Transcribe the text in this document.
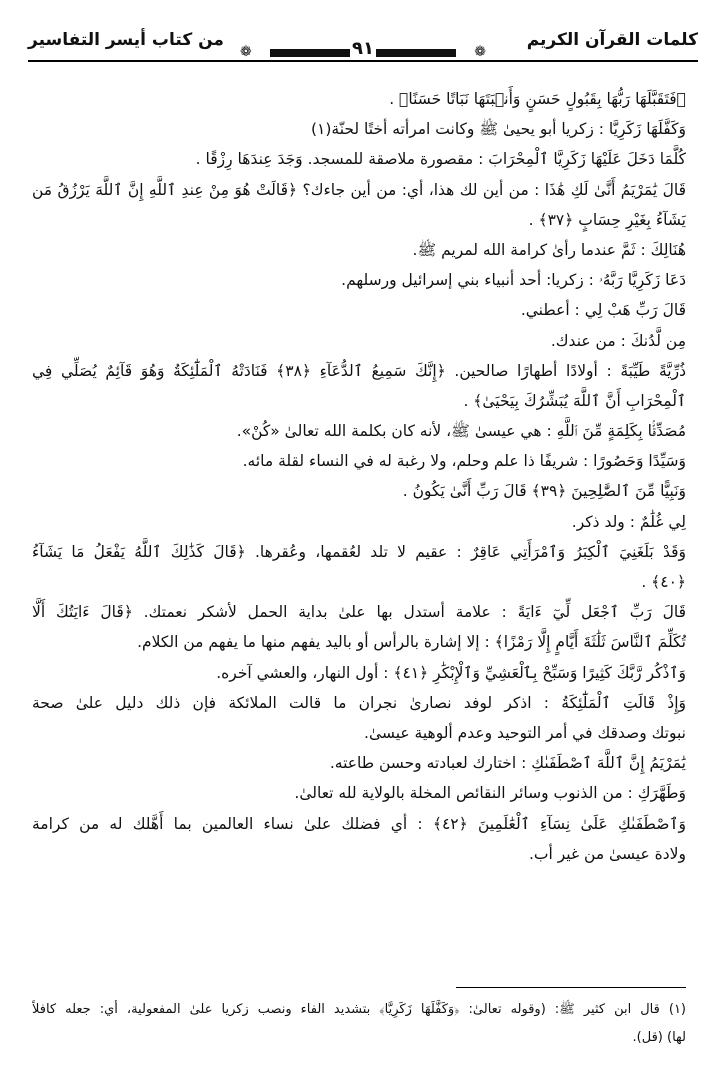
كلمات القرآن الكريم
من كتاب أيسر التفاسير
❁
❁	٩١
﴿فَتَقَبَّلَهَا رَبُّهَا بِقَبُولٍ حَسَنٍ وَأَنۢبَتَهَا نَبَاتًا حَسَنًا﴾ .
وَكَفَّلَهَا زَكَرِيَّا : زكريا أبو يحيىٰ ﷺ وكانت امرأته أختًا لحنّة(١)
كُلَّمَا دَخَلَ عَلَيْهَا زَكَرِيَّا ٱلْمِحْرَابَ : مقصورة ملاصقة للمسجد. وَجَدَ عِندَهَا رِزْقًا .
قَالَ يَٰمَرْيَمُ أَنَّىٰ لَكِ هَٰذَا : من أين لك هذا، أي: من أين جاءك؟ ﴿قَالَتْ هُوَ مِنْ عِندِ ٱللَّهِ إِنَّ ٱللَّهَ يَرْزُقُ مَن
يَشَآءُ بِغَيْرِ حِسَابٍ ﴿٣٧﴾ .
هُنَالِكَ : ثَمَّ عندما رأىٰ كرامة الله لمريم ﷺ.
دَعَا زَكَرِيَّا رَبَّهُۥ : زكريا: أحد أنبياء بني إسرائيل ورسلهم.
قَالَ رَبِّ هَبْ لِي : أعطني.
مِن لَّدُنكَ : من عندك.
ذُرِّيَّةً طَيِّبَةً : أولادًا أطهارًا صالحين. ﴿إِنَّكَ سَمِيعُ ٱلدُّعَآءِ ﴿٣٨﴾ فَنَادَتْهُ ٱلْمَلَٰٓئِكَةُ وَهُوَ قَآئِمٌ يُصَلِّي فِي
ٱلْمِحْرَابِ أَنَّ ٱللَّهَ يُبَشِّرُكَ بِيَحْيَىٰ﴾ .
مُصَدِّقًۢا بِكَلِمَةٍ مِّنَ ٱللَّهِ : هي عيسىٰ ﷺ، لأنه كان بكلمة الله تعالىٰ «كُنْ».
وَسَيِّدًا وَحَصُورًا : شريفًا ذا علم وحلم، ولا رغبة له في النساء لقلة مائه.
وَنَبِيًّا مِّنَ ٱلصَّٰلِحِينَ ﴿٣٩﴾ قَالَ رَبِّ أَنَّىٰ يَكُونُ .
لِي غُلَٰمٌ : ولد ذكر.
وَقَدْ بَلَغَنِيَ ٱلْكِبَرُ وَٱمْرَأَتِي عَاقِرٌ : عقيم لا تلد لعُقمها، وعُقرها. ﴿قَالَ كَذَٰلِكَ ٱللَّهُ يَفْعَلُ مَا يَشَآءُ
﴿٤٠﴾ .
قَالَ رَبِّ ٱجْعَل لِّيٓ ءَايَةً : علامة أستدل بها علىٰ بداية الحمل لأشكر نعمتك. ﴿قَالَ ءَايَتُكَ أَلَّا
تُكَلِّمَ ٱلنَّاسَ ثَلَٰثَةَ أَيَّامٍ إِلَّا رَمْزًا﴾ : إلا إشارة بالرأس أو باليد يفهم منها ما يفهم من الكلام.
وَٱذْكُر رَّبَّكَ كَثِيرًا وَسَبِّحْ بِٱلْعَشِيِّ وَٱلْإِبْكَٰرِ ﴿٤١﴾ : أول النهار، والعشي آخره.
وَإِذْ قَالَتِ ٱلْمَلَٰٓئِكَةُ : اذكر لوفد نصارىٰ نجران ما قالت الملائكة فإن ذلك دليل علىٰ صحة
نبوتك وصدقك في أمر التوحيد وعدم ألوهية عيسىٰ.
يَٰمَرْيَمُ إِنَّ ٱللَّهَ ٱصْطَفَىٰكِ : اختارك لعبادته وحسن طاعته.
وَطَهَّرَكِ : من الذنوب وسائر النقائص المخلة بالولاية لله تعالىٰ.
وَٱصْطَفَىٰكِ عَلَىٰ نِسَآءِ ٱلْعَٰلَمِينَ ﴿٤٢﴾ : أي فضلك علىٰ نساء العالمين بما أَهَّلك له من كرامة
ولادة عيسىٰ من غير أب.
(١) قال ابن كثير ﷺ: (وقوله تعالىٰ: ﴿وَكَفَّلَهَا زَكَرِيَّا﴾ بتشديد الفاء ونصب زكريا علىٰ المفعولية، أي: جعله كافلاً
لها) (قل).
